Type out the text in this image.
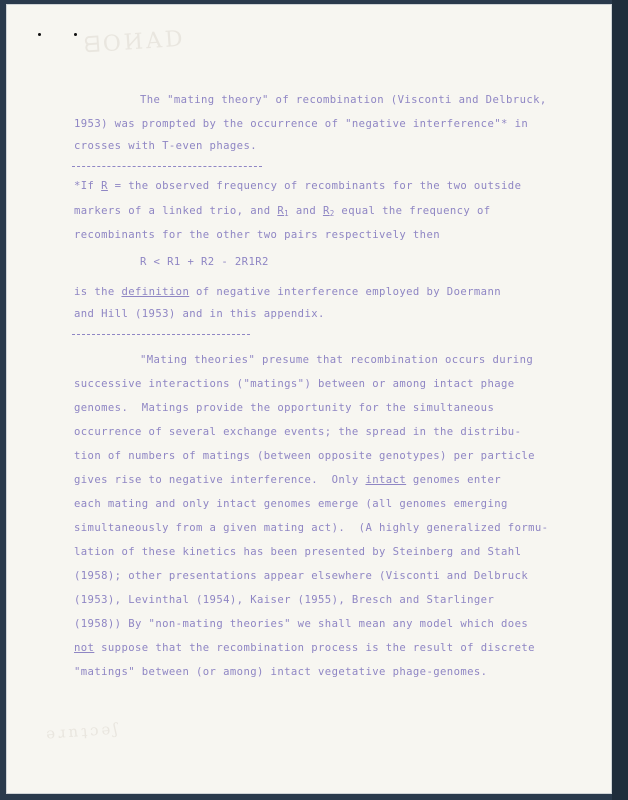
ᗺOИAD
ǝɹnʇɔǝʃ
The "mating theory" of recombination (Visconti and Delbruck,
1953) was prompted by the occurrence of "negative interference"* in
crosses with T-even phages.
*If R = the observed frequency of recombinants for the two outside
markers of a linked trio, and $R_1$ and $R_2$ equal the frequency of
recombinants for the other two pairs respectively then
R < R1 + R2 - 2R1R2
is the definition of negative interference employed by Doermann
and Hill (1953) and in this appendix.
"Mating theories" presume that recombination occurs during
successive interactions ("matings") between or among intact phage
genomes.  Matings provide the opportunity for the simultaneous
occurrence of several exchange events; the spread in the distribu-
tion of numbers of matings (between opposite genotypes) per particle
gives rise to negative interference.  Only intact genomes enter
each mating and only intact genomes emerge (all genomes emerging
simultaneously from a given mating act).  (A highly generalized formu-
lation of these kinetics has been presented by Steinberg and Stahl
(1958); other presentations appear elsewhere (Visconti and Delbruck
(1953), Levinthal (1954), Kaiser (1955), Bresch and Starlinger
(1958)) By "non-mating theories" we shall mean any model which does
not suppose that the recombination process is the result of discrete
"matings" between (or among) intact vegetative phage-genomes.
